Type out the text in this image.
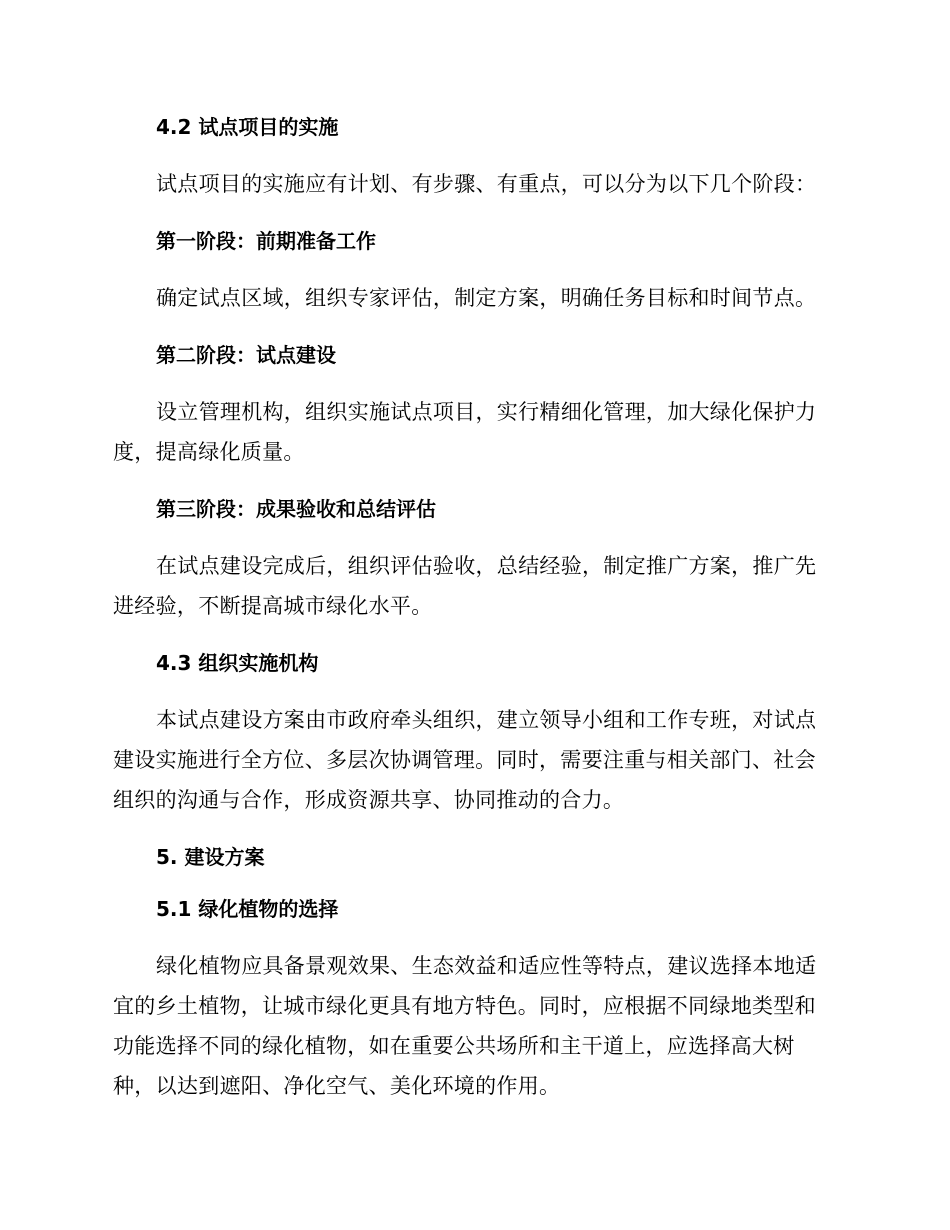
4.2 试点项目的实施

试点项目的实施应有计划、有步骤、有重点，可以分为以下几个阶段：

第一阶段：前期准备工作

确定试点区域，组织专家评估，制定方案，明确任务目标和时间节点。

第二阶段：试点建设

设立管理机构，组织实施试点项目，实行精细化管理，加大绿化保护力度，提高绿化质量。

第三阶段：成果验收和总结评估

在试点建设完成后，组织评估验收，总结经验，制定推广方案，推广先进经验，不断提高城市绿化水平。

4.3 组织实施机构

本试点建设方案由市政府牵头组织，建立领导小组和工作专班，对试点建设实施进行全方位、多层次协调管理。同时，需要注重与相关部门、社会组织的沟通与合作，形成资源共享、协同推动的合力。

5. 建设方案
5.1 绿化植物的选择

绿化植物应具备景观效果、生态效益和适应性等特点，建议选择本地适宜的乡土植物，让城市绿化更具有地方特色。同时，应根据不同绿地类型和功能选择不同的绿化植物，如在重要公共场所和主干道上，应选择高大树种，以达到遮阳、净化空气、美化环境的作用。
